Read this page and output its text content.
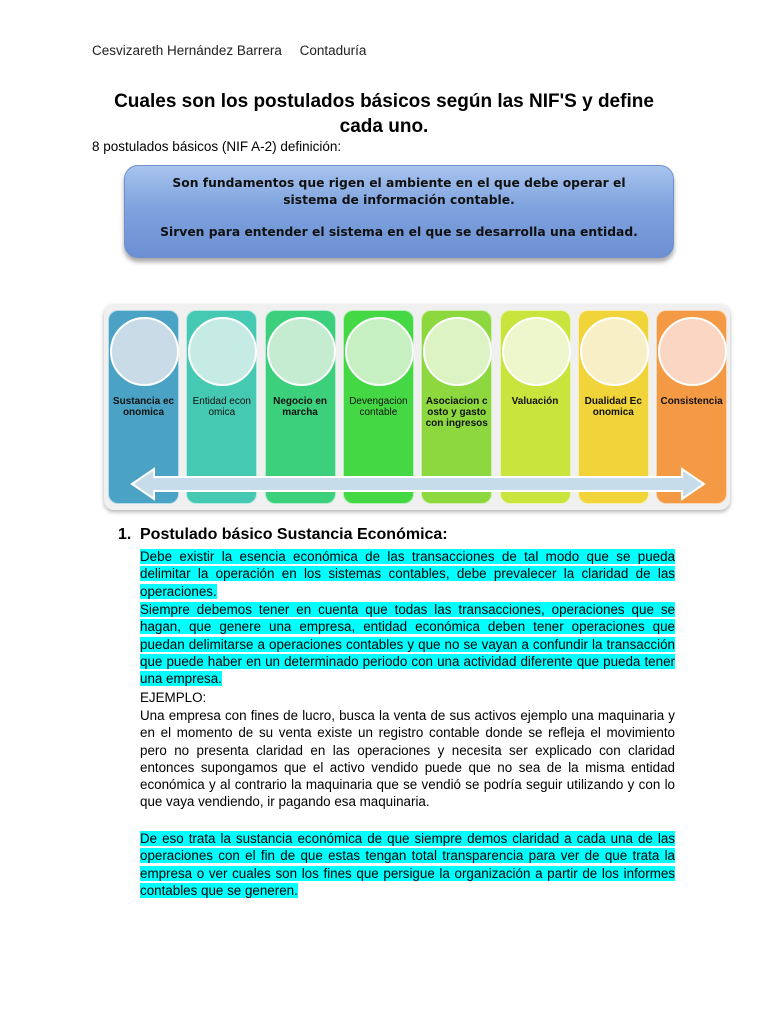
Cesvizareth Hernández Barrera Contaduría
Cuales son los postulados básicos según las NIF'S y define cada uno.
8 postulados básicos (NIF A-2) definición:
Son fundamentos que rigen el ambiente en el que debe operar el
sistema de información contable.
Sirven para entender el sistema en el que se desarrolla una entidad.
Sustancia economica
Entidad economica
Negocio en marcha
Devengacion contable
Asociacion costo y gasto con ingresos
Valuación	Dualidad Economica
Consistencia
1. Postulado básico Sustancia Económica:
Debe existir la esencia económica de las transacciones de tal modo que se pueda delimitar la operación en los sistemas contables, debe prevalecer la claridad de las operaciones.
Siempre debemos tener en cuenta que todas las transacciones, operaciones que se hagan, que genere una empresa, entidad económica deben tener operaciones que puedan delimitarse a operaciones contables y que no se vayan a confundir la transacción que puede haber en un determinado periodo con una actividad diferente que pueda tener una empresa.
EJEMPLO:
Una empresa con fines de lucro, busca la venta de sus activos ejemplo una maquinaria y en el momento de su venta existe un registro contable donde se refleja el movimiento pero no presenta claridad en las operaciones y necesita ser explicado con claridad entonces supongamos que el activo vendido puede que no sea de la misma entidad económica y al contrario la maquinaria que se vendió se podría seguir utilizando y con lo que vaya vendiendo, ir pagando esa maquinaria.
De eso trata la sustancia económica de que siempre demos claridad a cada una de las operaciones con el fin de que estas tengan total transparencia para ver de que trata la empresa o ver cuales son los fines que persigue la organización a partir de los informes contables que se generen.
